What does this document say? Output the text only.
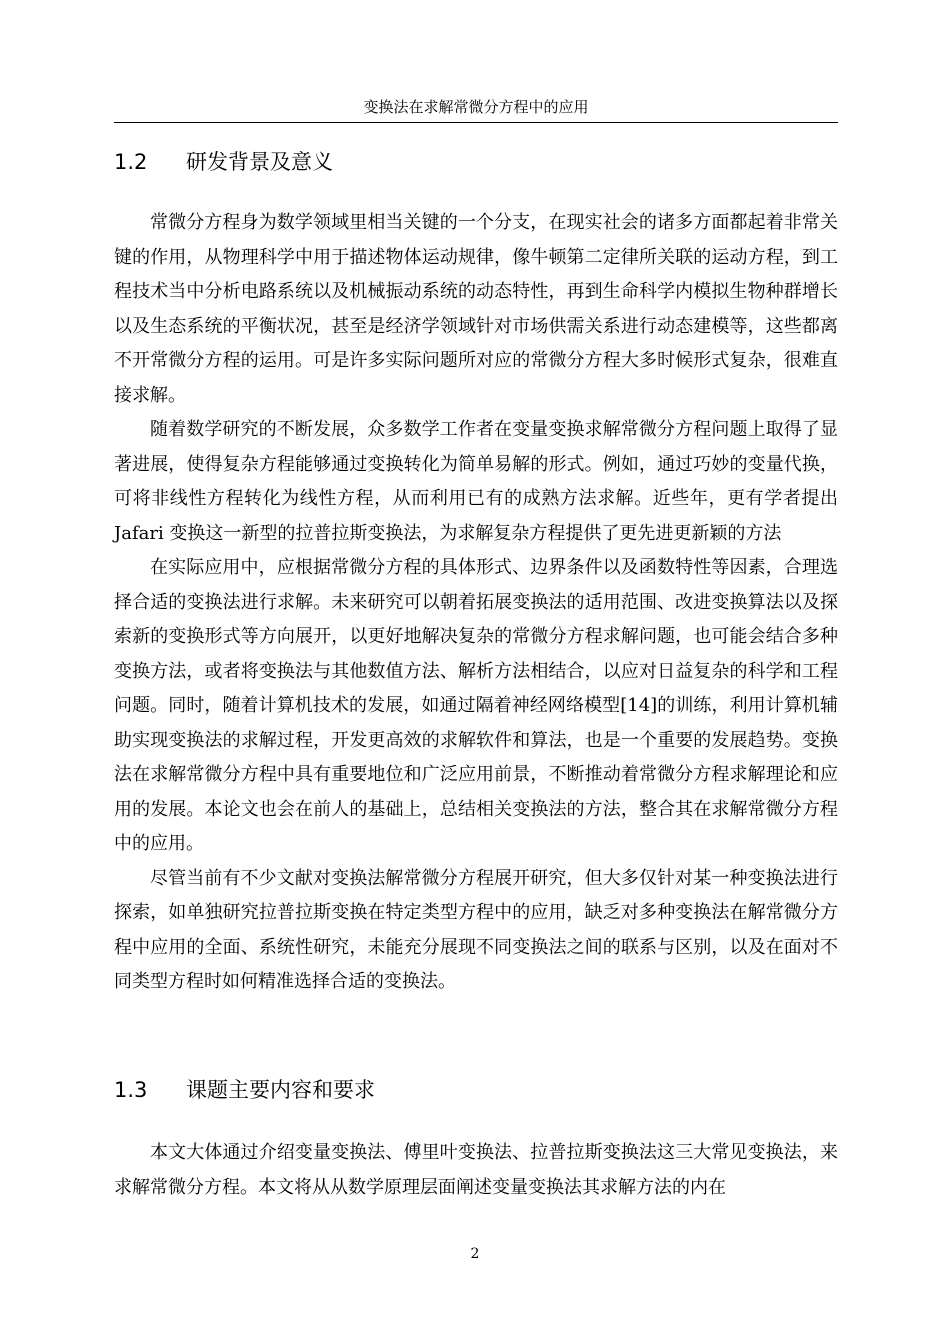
变换法在求解常微分方程中的应用
1.2 研发背景及意义

常微分方程身为数学领域里相当关键的一个分支，在现实社会的诸多方面都起着非常关键的作用，从物理科学中用于描述物体运动规律，像牛顿第二定律所关联的运动方程，到工程技术当中分析电路系统以及机械振动系统的动态特性，再到生命科学内模拟生物种群增长以及生态系统的平衡状况，甚至是经济学领域针对市场供需关系进行动态建模等，这些都离不开常微分方程的运用。可是许多实际问题所对应的常微分方程大多时候形式复杂，很难直接求解。

随着数学研究的不断发展，众多数学工作者在变量变换求解常微分方程问题上取得了显著进展，使得复杂方程能够通过变换转化为简单易解的形式。例如，通过巧妙的变量代换，可将非线性方程转化为线性方程，从而利用已有的成熟方法求解。近些年，更有学者提出 Jafari 变换这一新型的拉普拉斯变换法，为求解复杂方程提供了更先进更新颖的方法

在实际应用中，应根据常微分方程的具体形式、边界条件以及函数特性等因素，合理选择合适的变换法进行求解。未来研究可以朝着拓展变换法的适用范围、改进变换算法以及探索新的变换形式等方向展开，以更好地解决复杂的常微分方程求解问题，也可能会结合多种变换方法，或者将变换法与其他数值方法、解析方法相结合，以应对日益复杂的科学和工程问题。同时，随着计算机技术的发展，如通过隔着神经网络模型[14]的训练，利用计算机辅助实现变换法的求解过程，开发更高效的求解软件和算法，也是一个重要的发展趋势。变换法在求解常微分方程中具有重要地位和广泛应用前景，不断推动着常微分方程求解理论和应用的发展。本论文也会在前人的基础上，总结相关变换法的方法，整合其在求解常微分方程中的应用。

尽管当前有不少文献对变换法解常微分方程展开研究，但大多仅针对某一种变换法进行探索，如单独研究拉普拉斯变换在特定类型方程中的应用，缺乏对多种变换法在解常微分方程中应用的全面、系统性研究，未能充分展现不同变换法之间的联系与区别，以及在面对不同类型方程时如何精准选择合适的变换法。

1.3 课题主要内容和要求

本文大体通过介绍变量变换法、傅里叶变换法、拉普拉斯变换法这三大常见变换法，来求解常微分方程。本文将从从数学原理层面阐述变量变换法其求解方法的内在

2
